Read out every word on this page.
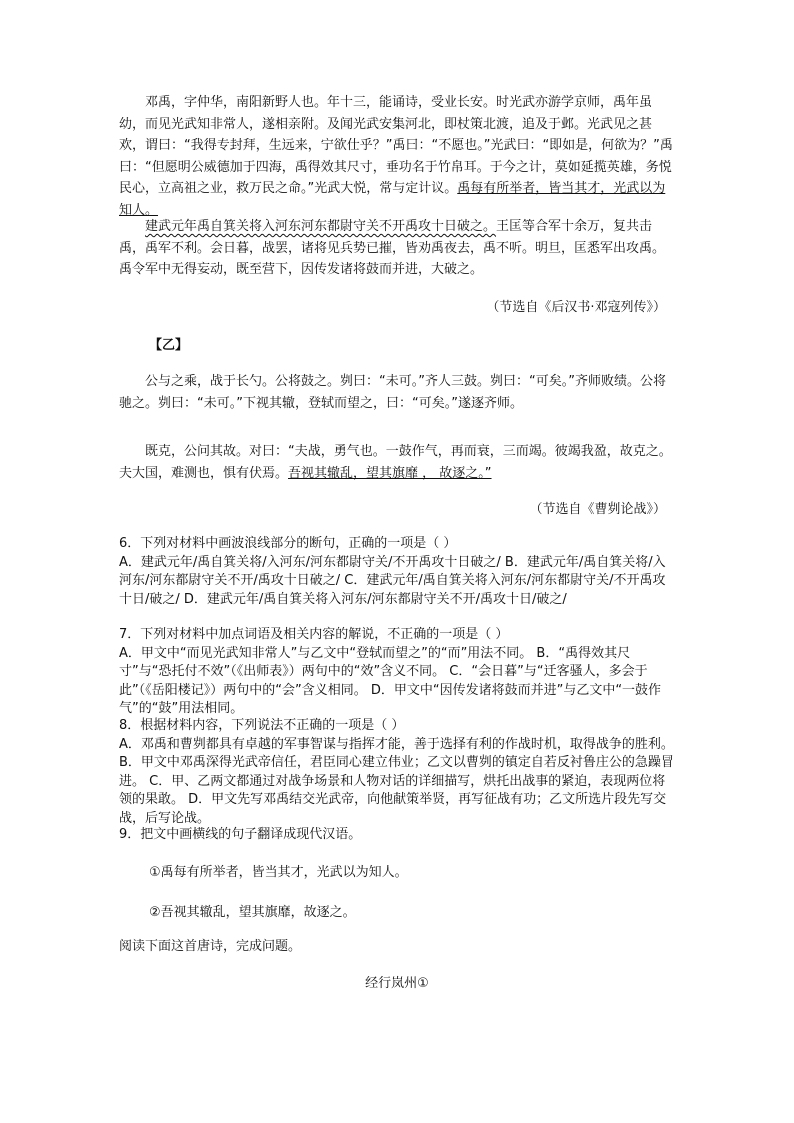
邓禹，字仲华，南阳新野人也。年十三，能诵诗，受业长安。时光武亦游学京师，禹年虽幼，而见光武知非常人，遂相亲附。及闻光武安集河北，即杖策北渡，追及于邺。光武见之甚欢，谓曰：“我得专封拜，生远来，宁欲仕乎？”禹曰：“不愿也。”光武曰：“即如是，何欲为？”禹曰：“但愿明公威德加于四海，禹得效其尺寸，垂功名于竹帛耳。于今之计，莫如延揽英雄，务悦民心，立高祖之业，救万民之命。”光武大悦，常与定计议。禹每有所举者，皆当其才，光武以为知人。
建武元年禹自箕关将入河东河东都尉守关不开禹攻十日破之。王匡等合军十余万，复共击禹，禹军不利。会日暮，战罢，诸将见兵势已摧，皆劝禹夜去，禹不听。明旦，匡悉军出攻禹。禹令军中无得妄动，既至营下，因传发诸将鼓而并进，大破之。
（节选自《后汉书·邓寇列传》）
【乙】
公与之乘，战于长勺。公将鼓之。刿曰：“未可。”齐人三鼓。刿曰：“可矣。”齐师败绩。公将驰之。刿曰：“未可。”下视其辙，登轼而望之，曰：“可矣。”遂逐齐师。
既克，公问其故。对曰：“夫战，勇气也。一鼓作气，再而衰，三而竭。彼竭我盈，故克之。夫大国，难测也，惧有伏焉。吾视其辙乱，望其旗靡 ， 故逐之。”
（节选自《曹刿论战》）
6．下列对材料中画波浪线部分的断句，正确的一项是（ ）
A．建武元年/禹自箕关将/入河东/河东都尉守关/不开禹攻十日破之/ B．建武元年/禹自箕关将/入河东/河东都尉守关不开/禹攻十日破之/ C．建武元年/禹自箕关将入河东/河东都尉守关/不开禹攻十日/破之/ D．建武元年/禹自箕关将入河东/河东都尉守关不开/禹攻十日/破之/
7．下列对材料中加点词语及相关内容的解说，不正确的一项是（ ）
A．甲文中“而见光武知非常人”与乙文中“登轼而望之”的“而”用法不同。 B．“禹得效其尺寸”与“恐托付不效”（《出师表》）两句中的“效”含义不同。 C．“会日暮”与“迁客骚人，多会于此”（《岳阳楼记》）两句中的“会”含义相同。 D．甲文中“因传发诸将鼓而并进”与乙文中“一鼓作气”的“鼓”用法相同。
8．根据材料内容，下列说法不正确的一项是（ ）
A．邓禹和曹刿都具有卓越的军事智谋与指挥才能，善于选择有利的作战时机，取得战争的胜利。 B．甲文中邓禹深得光武帝信任，君臣同心建立伟业；乙文以曹刿的镇定自若反衬鲁庄公的急躁冒进。 C．甲、乙两文都通过对战争场景和人物对话的详细描写，烘托出战事的紧迫，表现两位将领的果敢。 D．甲文先写邓禹结交光武帝，向他献策举贤，再写征战有功；乙文所选片段先写交战，后写论战。
9．把文中画横线的句子翻译成现代汉语。
①禹每有所举者，皆当其才，光武以为知人。
②吾视其辙乱，望其旗靡，故逐之。
阅读下面这首唐诗，完成问题。
经行岚州①
